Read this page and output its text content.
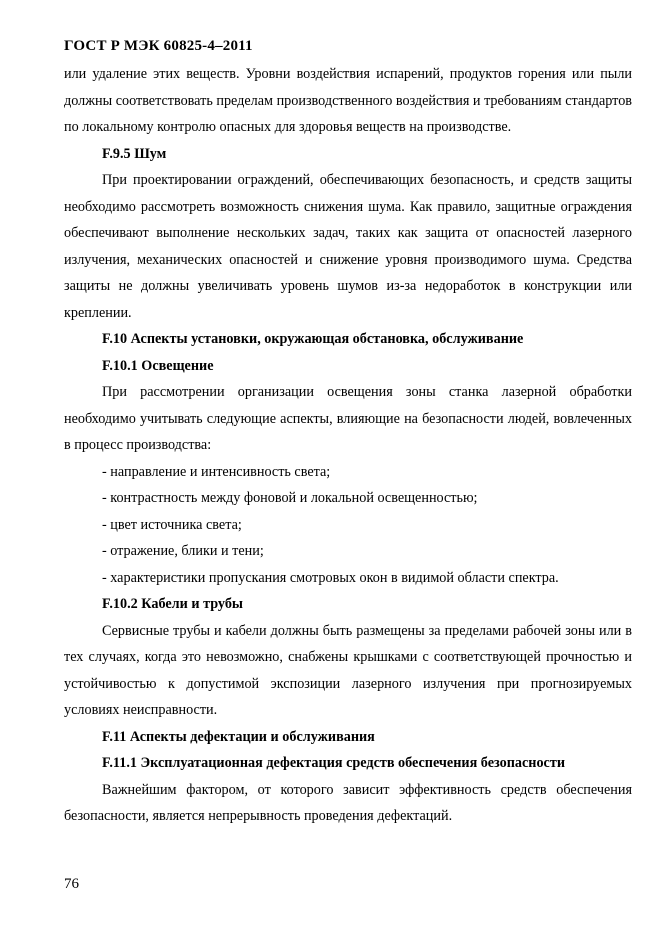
ГОСТ Р МЭК 60825-4–2011

или удаление этих веществ. Уровни воздействия испарений, продуктов горения или пыли должны соответствовать пределам производственного воздействия и требованиям стандартов по локальному контролю опасных для здоровья веществ на производстве.

F.9.5 Шум

При проектировании ограждений, обеспечивающих безопасность, и средств защиты необходимо рассмотреть возможность снижения шума. Как правило, защитные ограждения обеспечивают выполнение нескольких задач, таких как защита от опасностей лазерного излучения, механических опасностей и снижение уровня производимого шума. Средства защиты не должны увеличивать уровень шумов из-за недоработок в конструкции или креплении.

F.10 Аспекты установки, окружающая обстановка, обслуживание

F.10.1 Освещение

При рассмотрении организации освещения зоны станка лазерной обработки необходимо учитывать следующие аспекты, влияющие на безопасности людей, вовлеченных в процесс производства:

- направление и интенсивность света;

- контрастность между фоновой и локальной освещенностью;

- цвет источника света;

- отражение, блики и тени;

- характеристики пропускания смотровых окон в видимой области спектра.

F.10.2 Кабели и трубы

Сервисные трубы и кабели должны быть размещены за пределами рабочей зоны или в тех случаях, когда это невозможно, снабжены крышками с соответствующей прочностью и устойчивостью к допустимой экспозиции лазерного излучения при прогнозируемых условиях неисправности.

F.11 Аспекты дефектации и обслуживания

F.11.1 Эксплуатационная дефектация средств обеспечения безопасности

Важнейшим фактором, от которого зависит эффективность средств обеспечения безопасности, является непрерывность проведения дефектаций.

76
